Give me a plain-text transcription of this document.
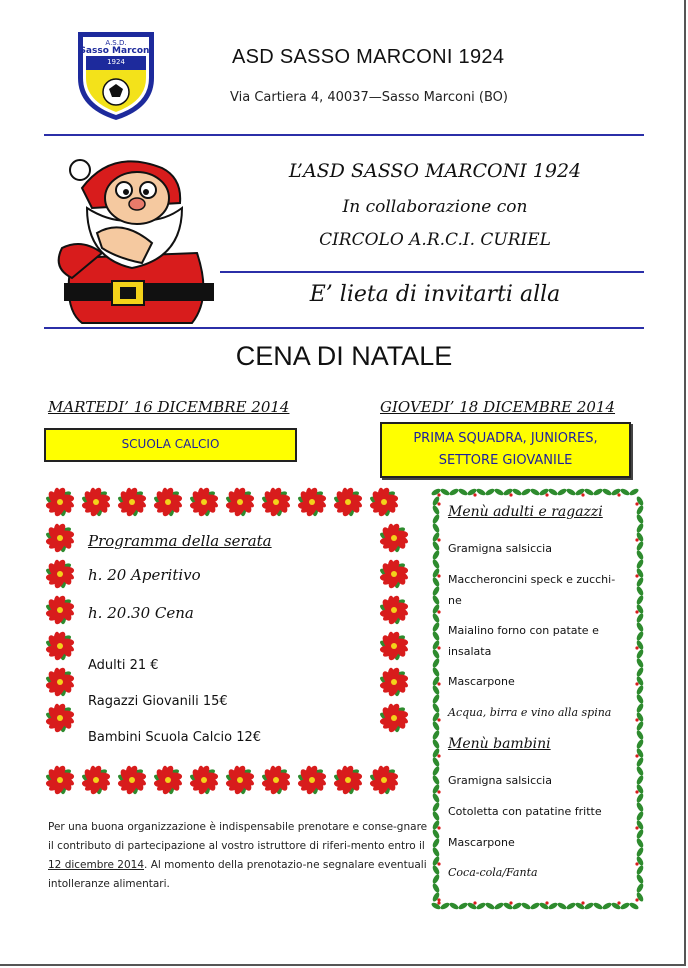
A.S.D.
Sasso Marconi
1924	ASD SASSO MARCONI 1924
Via Cartiera 4, 40037—Sasso Marconi (BO)
L’ASD SASSO MARCONI 1924
In collaborazione con
CIRCOLO A.R.C.I. CURIEL
E’ lieta di invitarti alla
CENA DI NATALE
MARTEDI’ 16 DICEMBRE 2014
SCUOLA CALCIO
GIOVEDI’ 18 DICEMBRE 2014
PRIMA SQUADRA, JUNIORES,
SETTORE GIOVANILE
Programma della serata
h. 20 Aperitivo
h. 20.30 Cena
Adulti 21 €
Ragazzi Giovanili 15€
Bambini Scuola Calcio 12€
Per una buona organizzazione è indispensabile prenotare e conse-gnare il contributo di partecipazione al vostro istruttore di riferi-mento entro il 12 dicembre 2014. Al momento della prenotazio-ne segnalare eventuali intolleranze alimentari.
Menù adulti e ragazzi
Gramigna salsiccia
Maccheroncini speck e zucchi-ne
Maialino forno con patate e insalata
Mascarpone
Acqua, birra e vino alla spina
Menù bambini
Gramigna salsiccia
Cotoletta con patatine fritte
Mascarpone
Coca-cola/Fanta
